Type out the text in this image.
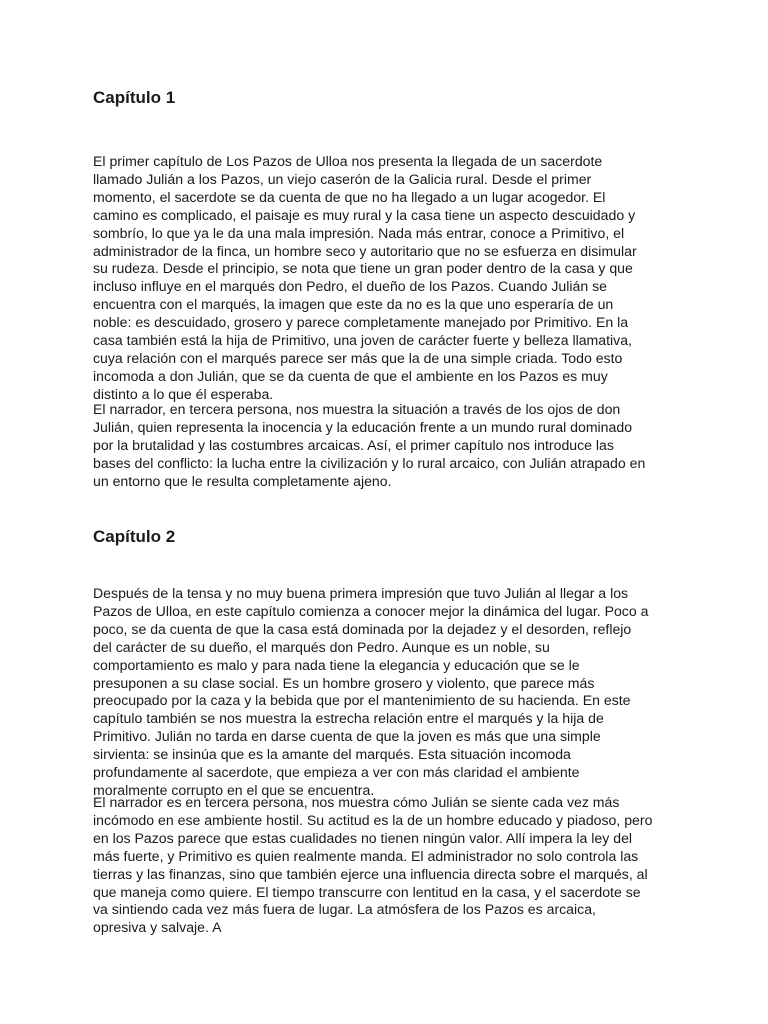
Capítulo 1

El primer capítulo de Los Pazos de Ulloa nos presenta la llegada de un sacerdote llamado Julián a los Pazos, un viejo caserón de la Galicia rural. Desde el primer momento, el sacerdote se da cuenta de que no ha llegado a un lugar acogedor. El camino es complicado, el paisaje es muy rural y la casa tiene un aspecto descuidado y sombrío, lo que ya le da una mala impresión. Nada más entrar, conoce a Primitivo, el administrador de la finca, un hombre seco y autoritario que no se esfuerza en disimular su rudeza. Desde el principio, se nota que tiene un gran poder dentro de la casa y que incluso influye en el marqués don Pedro, el dueño de los Pazos. Cuando Julián se encuentra con el marqués, la imagen que este da no es la que uno esperaría de un noble: es descuidado, grosero y parece completamente manejado por Primitivo. En la casa también está la hija de Primitivo, una joven de carácter fuerte y belleza llamativa, cuya relación con el marqués parece ser más que la de una simple criada. Todo esto incomoda a don Julián, que se da cuenta de que el ambiente en los Pazos es muy distinto a lo que él esperaba.

El narrador, en tercera persona, nos muestra la situación a través de los ojos de don Julián, quien representa la inocencia y la educación frente a un mundo rural dominado por la brutalidad y las costumbres arcaicas. Así, el primer capítulo nos introduce las bases del conflicto: la lucha entre la civilización y lo rural arcaico, con Julián atrapado en un entorno que le resulta completamente ajeno.

Capítulo 2

Después de la tensa y no muy buena primera impresión que tuvo Julián al llegar a los Pazos de Ulloa, en este capítulo comienza a conocer mejor la dinámica del lugar. Poco a poco, se da cuenta de que la casa está dominada por la dejadez y el desorden, reflejo del carácter de su dueño, el marqués don Pedro. Aunque es un noble, su comportamiento es malo y para nada tiene la elegancia y educación que se le presuponen a su clase social. Es un hombre grosero y violento, que parece más preocupado por la caza y la bebida que por el mantenimiento de su hacienda. En este capítulo también se nos muestra la estrecha relación entre el marqués y la hija de Primitivo. Julián no tarda en darse cuenta de que la joven es más que una simple sirvienta: se insinúa que es la amante del marqués. Esta situación incomoda profundamente al sacerdote, que empieza a ver con más claridad el ambiente moralmente corrupto en el que se encuentra.

El narrador es en tercera persona, nos muestra cómo Julián se siente cada vez más incómodo en ese ambiente hostil. Su actitud es la de un hombre educado y piadoso, pero en los Pazos parece que estas cualidades no tienen ningún valor. Allí impera la ley del más fuerte, y Primitivo es quien realmente manda. El administrador no solo controla las tierras y las finanzas, sino que también ejerce una influencia directa sobre el marqués, al que maneja como quiere. El tiempo transcurre con lentitud en la casa, y el sacerdote se va sintiendo cada vez más fuera de lugar. La atmósfera de los Pazos es arcaica, opresiva y salvaje. A
